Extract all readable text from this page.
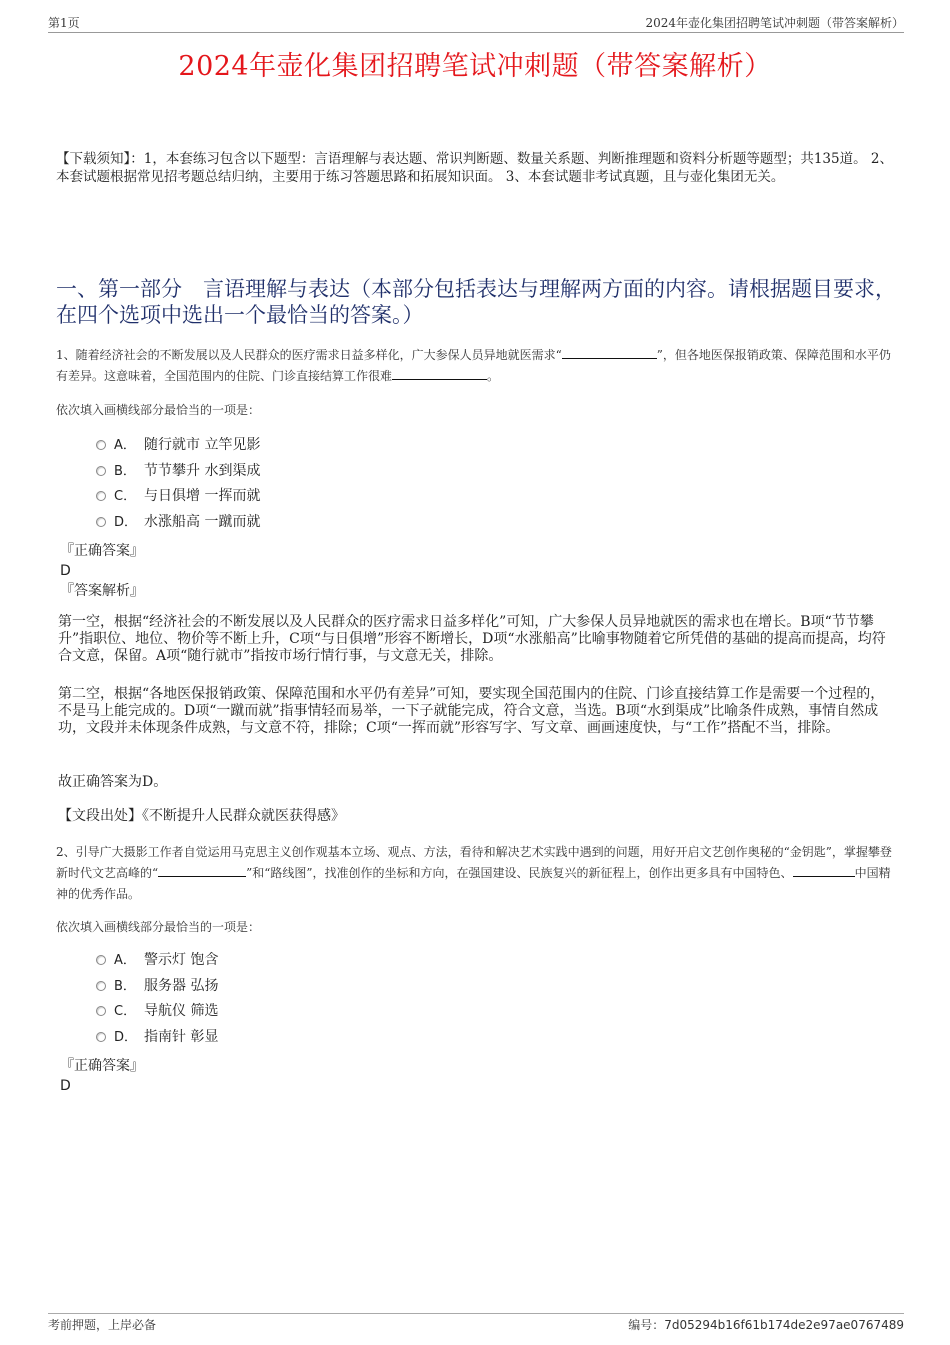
第1页	2024年壶化集团招聘笔试冲刺题（带答案解析）
2024年壶化集团招聘笔试冲刺题（带答案解析）
【下载须知】：1，本套练习包含以下题型：言语理解与表达题、常识判断题、数量关系题、判断推理题和资料分析题等题型；共135道。 2、本套试题根据常见招考题总结归纳，主要用于练习答题思路和拓展知识面。 3、本套试题非考试真题，且与壶化集团无关。
一、第一部分　言语理解与表达（本部分包括表达与理解两方面的内容。请根据题目要求，在四个选项中选出一个最恰当的答案。）
1、随着经济社会的不断发展以及人民群众的医疗需求日益多样化，广大参保人员异地就医需求“	”，但各地医保报销政策、保障范围和水平仍有差异。这意味着，全国范围内的住院、门诊直接结算工作很难	。
依次填入画横线部分最恰当的一项是：
A． 随行就市 立竿见影
B． 节节攀升 水到渠成
C． 与日俱增 一挥而就
D． 水涨船高 一蹴而就
『正确答案』
D
『答案解析』
第一空，根据“经济社会的不断发展以及人民群众的医疗需求日益多样化”可知，广大参保人员异地就医的需求也在增长。B项“节节攀升”指职位、地位、物价等不断上升，C项“与日俱增”形容不断增长，D项“水涨船高”比喻事物随着它所凭借的基础的提高而提高，均符合文意，保留。A项“随行就市”指按市场行情行事，与文意无关，排除。
第二空，根据“各地医保报销政策、保障范围和水平仍有差异”可知，要实现全国范围内的住院、门诊直接结算工作是需要一个过程的，不是马上能完成的。D项“一蹴而就”指事情轻而易举，一下子就能完成，符合文意，当选。B项“水到渠成”比喻条件成熟，事情自然成功，文段并未体现条件成熟，与文意不符，排除；C项“一挥而就”形容写字、写文章、画画速度快，与“工作”搭配不当，排除。
故正确答案为D。
【文段出处】《不断提升人民群众就医获得感》
2、引导广大摄影工作者自觉运用马克思主义创作观基本立场、观点、方法，看待和解决艺术实践中遇到的问题，用好开启文艺创作奥秘的“金钥匙”，掌握攀登新时代文艺高峰的“	”和“路线图”，找准创作的坐标和方向，在强国建设、民族复兴的新征程上，创作出更多具有中国特色、	中国精神的优秀作品。
依次填入画横线部分最恰当的一项是：
A． 警示灯 饱含
B． 服务器 弘扬
C． 导航仪 筛选
D． 指南针 彰显
『正确答案』
D
考前押题，上岸必备	编号：7d05294b16f61b174de2e97ae0767489
